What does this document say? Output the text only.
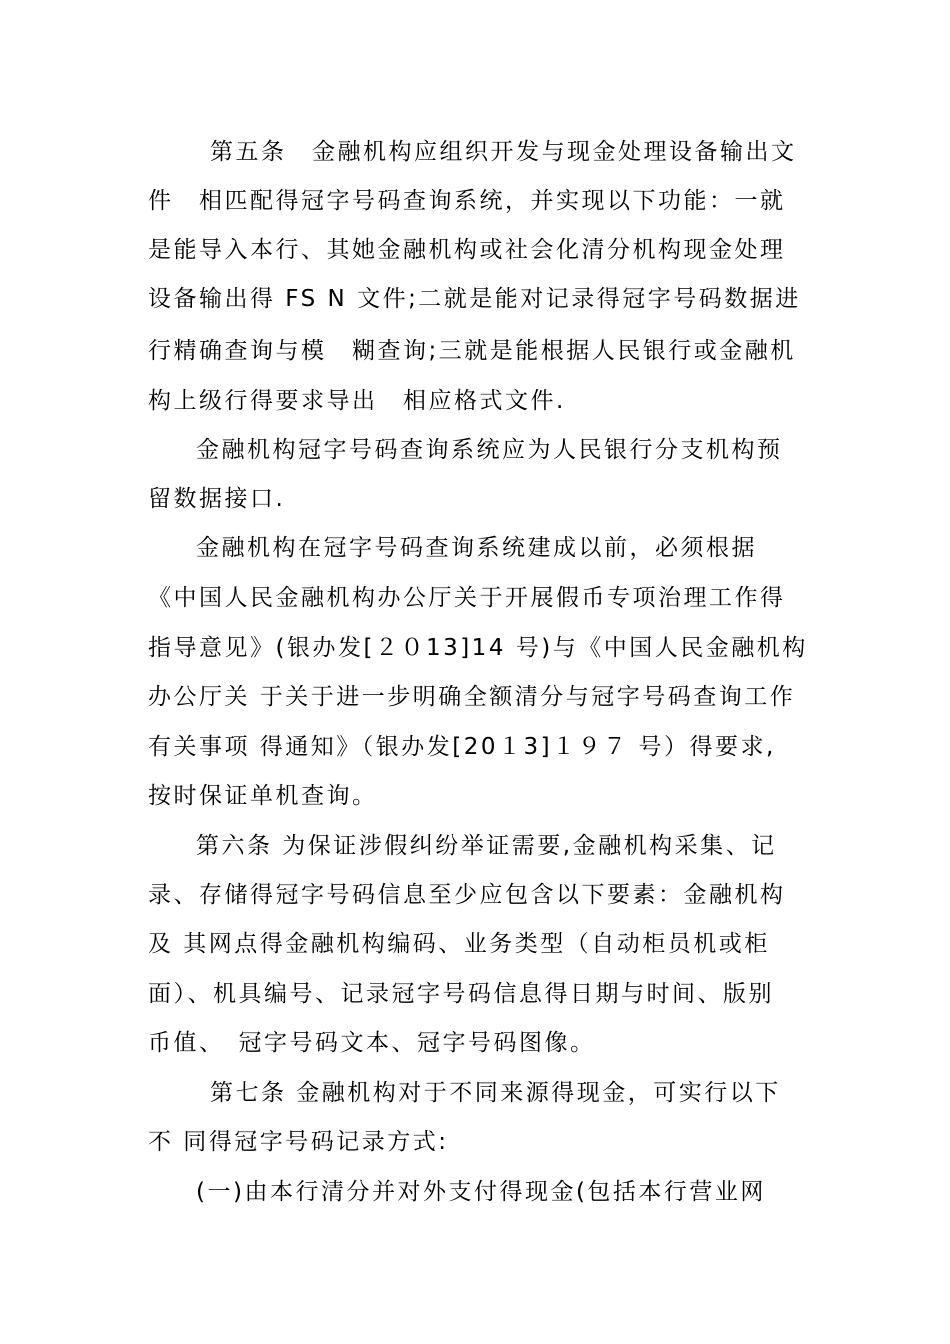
第五条　金融机构应组织开发与现金处理设备输出文
件　相匹配得冠字号码查询系统，并实现以下功能：一就
是能导入本行、其她金融机构或社会化清分机构现金处理
设备输出得 FS N 文件;二就是能对记录得冠字号码数据进
行精确查询与模　糊查询;三就是能根据人民银行或金融机
构上级行得要求导出　相应格式文件.
金融机构冠字号码查询系统应为人民银行分支机构预
留数据接口.
金融机构在冠字号码查询系统建成以前，必须根据
《中国人民金融机构办公厅关于开展假币专项治理工作得
指导意见》(银办发[２０13]14 号)与《中国人民金融机构
办公厅关 于关于进一步明确全额清分与冠字号码查询工作
有关事项 得通知》（银办发[20１3]１９７ 号）得要求,
按时保证单机查询。
第六条 为保证涉假纠纷举证需要,金融机构采集、记
录、存储得冠字号码信息至少应包含以下要素：金融机构
及 其网点得金融机构编码、业务类型（自动柜员机或柜
面）、机具编号、记录冠字号码信息得日期与时间、版别
币值、　冠字号码文本、冠字号码图像。
第七条 金融机构对于不同来源得现金，可实行以下
不 同得冠字号码记录方式:
(一)由本行清分并对外支付得现金(包括本行营业网
